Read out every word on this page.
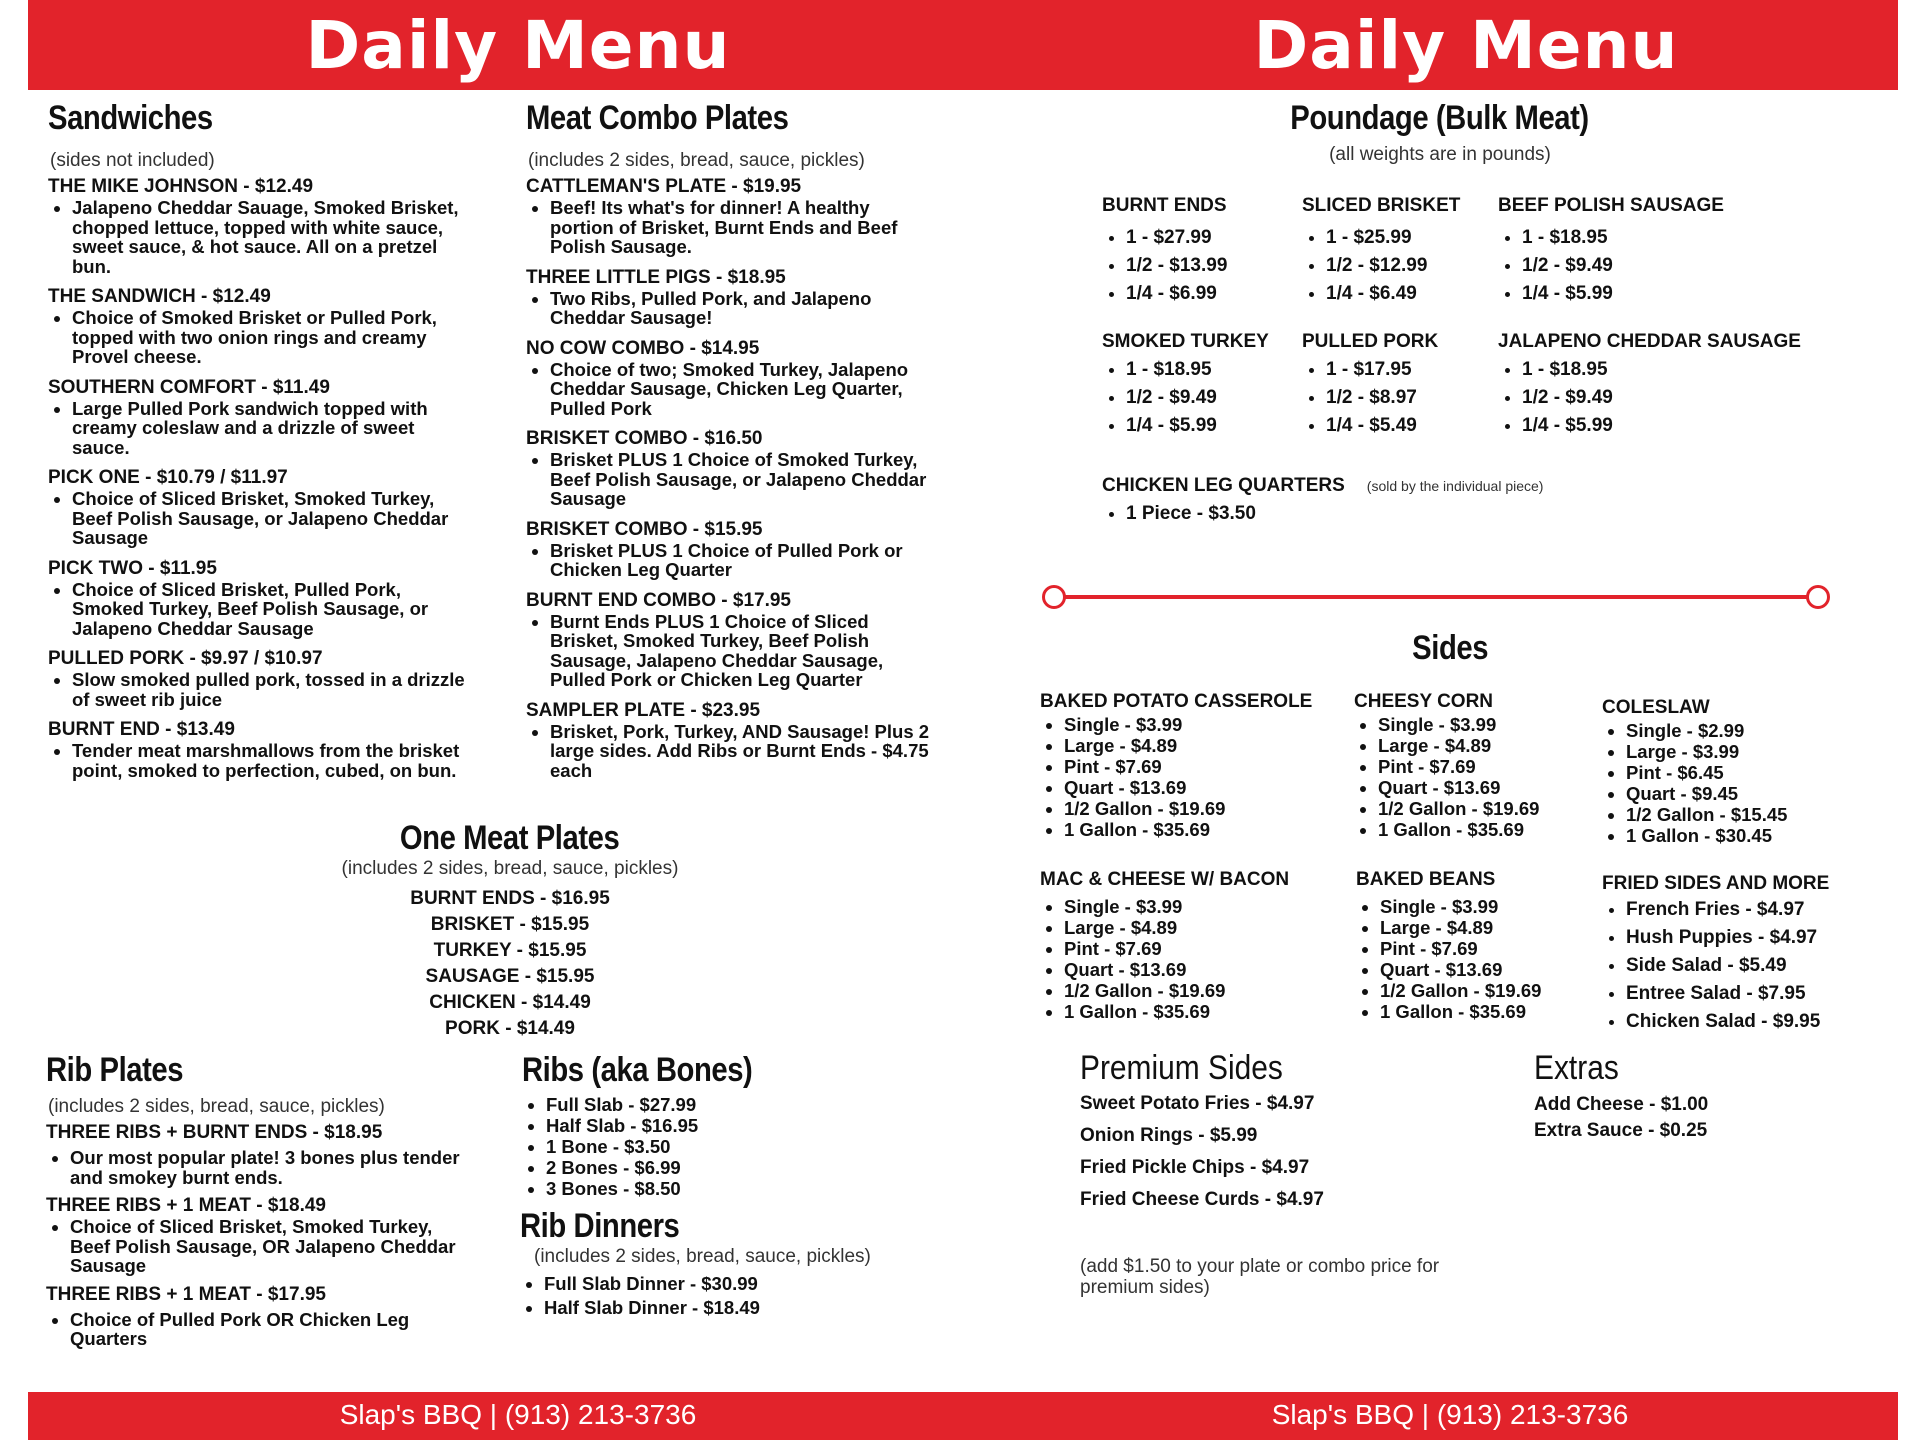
Daily Menu	Daily Menu
Sandwiches
(sides not included)
THE MIKE JOHNSON - $12.49
• Jalapeno Cheddar Sauage, Smoked Brisket, chopped lettuce, topped with white sauce, sweet sauce, & hot sauce. All on a pretzel bun.
THE SANDWICH - $12.49
• Choice of Smoked Brisket or Pulled Pork, topped with two onion rings and creamy Provel cheese.
SOUTHERN COMFORT - $11.49
• Large Pulled Pork sandwich topped with creamy coleslaw and a drizzle of sweet sauce.
PICK ONE - $10.79 / $11.97
• Choice of Sliced Brisket, Smoked Turkey, Beef Polish Sausage, or Jalapeno Cheddar Sausage
PICK TWO - $11.95
• Choice of Sliced Brisket, Pulled Pork, Smoked Turkey, Beef Polish Sausage, or Jalapeno Cheddar Sausage
PULLED PORK - $9.97 / $10.97
• Slow smoked pulled pork, tossed in a drizzle of sweet rib juice
BURNT END - $13.49
• Tender meat marshmallows from the brisket point, smoked to perfection, cubed, on bun.
Meat Combo Plates
(includes 2 sides, bread, sauce, pickles)
CATTLEMAN'S PLATE - $19.95
• Beef! Its what's for dinner! A healthy portion of Brisket, Burnt Ends and Beef Polish Sausage.
THREE LITTLE PIGS - $18.95
• Two Ribs, Pulled Pork, and Jalapeno Cheddar Sausage!
NO COW COMBO - $14.95
• Choice of two; Smoked Turkey, Jalapeno Cheddar Sausage, Chicken Leg Quarter, Pulled Pork
BRISKET COMBO - $16.50
• Brisket PLUS 1 Choice of Smoked Turkey, Beef Polish Sausage, or Jalapeno Cheddar Sausage
BRISKET COMBO - $15.95
• Brisket PLUS 1 Choice of Pulled Pork or Chicken Leg Quarter
BURNT END COMBO - $17.95
• Burnt Ends PLUS 1 Choice of Sliced Brisket, Smoked Turkey, Beef Polish Sausage, Jalapeno Cheddar Sausage, Pulled Pork or Chicken Leg Quarter
SAMPLER PLATE - $23.95
• Brisket, Pork, Turkey, AND Sausage! Plus 2 large sides. Add Ribs or Burnt Ends - $4.75 each
One Meat Plates
(includes 2 sides, bread, sauce, pickles)
BURNT ENDS - $16.95
BRISKET - $15.95
TURKEY - $15.95
SAUSAGE - $15.95
CHICKEN - $14.49
PORK - $14.49
Rib Plates
(includes 2 sides, bread, sauce, pickles)
THREE RIBS + BURNT ENDS - $18.95
• Our most popular plate! 3 bones plus tender and smokey burnt ends.
THREE RIBS + 1 MEAT - $18.49
• Choice of Sliced Brisket, Smoked Turkey, Beef Polish Sausage, OR Jalapeno Cheddar Sausage
THREE RIBS + 1 MEAT - $17.95
• Choice of Pulled Pork OR Chicken Leg Quarters
Ribs (aka Bones)
• Full Slab - $27.99
• Half Slab - $16.95
• 1 Bone - $3.50
• 2 Bones - $6.99
• 3 Bones - $8.50
Rib Dinners
(includes 2 sides, bread, sauce, pickles)
• Full Slab Dinner - $30.99
• Half Slab Dinner - $18.49
Poundage (Bulk Meat)
(all weights are in pounds)
BURNT ENDS
• 1 - $27.99
• 1/2 - $13.99
• 1/4 - $6.99
SLICED BRISKET
• 1 - $25.99
• 1/2 - $12.99
• 1/4 - $6.49
BEEF POLISH SAUSAGE
• 1 - $18.95
• 1/2 - $9.49
• 1/4 - $5.99
SMOKED TURKEY
• 1 - $18.95
• 1/2 - $9.49
• 1/4 - $5.99
PULLED PORK
• 1 - $17.95
• 1/2 - $8.97
• 1/4 - $5.49
JALAPENO CHEDDAR SAUSAGE
• 1 - $18.95
• 1/2 - $9.49
• 1/4 - $5.99
CHICKEN LEG QUARTERS (sold by the individual piece)
• 1 Piece - $3.50
Sides
BAKED POTATO CASSEROLE
• Single - $3.99
• Large - $4.89
• Pint - $7.69
• Quart - $13.69
• 1/2 Gallon - $19.69
• 1 Gallon - $35.69
CHEESY CORN
• Single - $3.99
• Large - $4.89
• Pint - $7.69
• Quart - $13.69
• 1/2 Gallon - $19.69
• 1 Gallon - $35.69
COLESLAW
• Single - $2.99
• Large - $3.99
• Pint - $6.45
• Quart - $9.45
• 1/2 Gallon - $15.45
• 1 Gallon - $30.45
MAC & CHEESE W/ BACON
• Single - $3.99
• Large - $4.89
• Pint - $7.69
• Quart - $13.69
• 1/2 Gallon - $19.69
• 1 Gallon - $35.69
BAKED BEANS
• Single - $3.99
• Large - $4.89
• Pint - $7.69
• Quart - $13.69
• 1/2 Gallon - $19.69
• 1 Gallon - $35.69
FRIED SIDES AND MORE
• French Fries - $4.97
• Hush Puppies - $4.97
• Side Salad - $5.49
• Entree Salad - $7.95
• Chicken Salad - $9.95
Premium Sides
Sweet Potato Fries - $4.97
Onion Rings - $5.99
Fried Pickle Chips - $4.97
Fried Cheese Curds - $4.97
(add $1.50 to your plate or combo price for premium sides)
Extras
Add Cheese - $1.00
Extra Sauce - $0.25
Slap's BBQ | (913) 213-3736	Slap's BBQ | (913) 213-3736
